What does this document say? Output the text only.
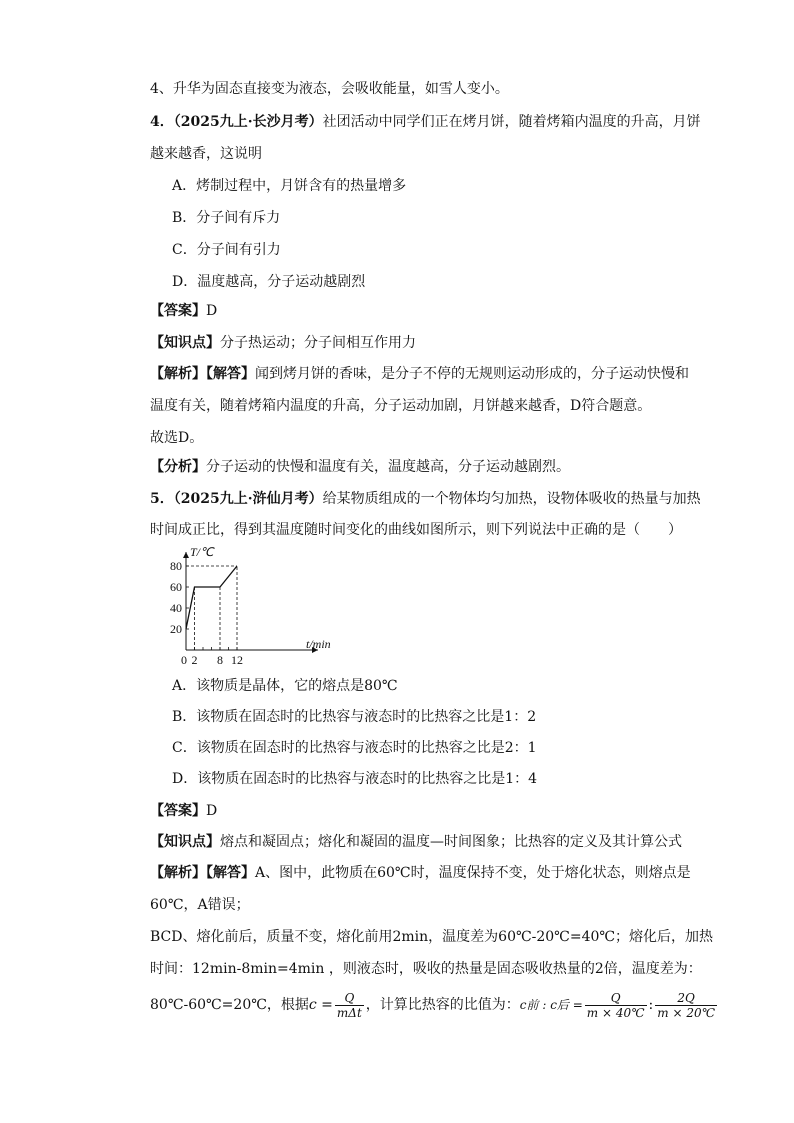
4、升华为固态直接变为液态，会吸收能量，如雪人变小。
4．（2025九上·长沙月考）社团活动中同学们正在烤月饼，随着烤箱内温度的升高，月饼
越来越香，这说明
A．烤制过程中，月饼含有的热量增多
B．分子间有斥力
C．分子间有引力
D．温度越高，分子运动越剧烈
【答案】D
【知识点】分子热运动；分子间相互作用力
【解析】【解答】闻到烤月饼的香味，是分子不停的无规则运动形成的，分子运动快慢和
温度有关，随着烤箱内温度的升高，分子运动加剧，月饼越来越香，D符合题意。
故选D。
【分析】分子运动的快慢和温度有关，温度越高，分子运动越剧烈。
5．（2025九上·浒仙月考）给某物质组成的一个物体均匀加热，设物体吸收的热量与加热
时间成正比，得到其温度随时间变化的曲线如图所示，则下列说法中正确的是（　　）
20
40
60
80
0 2 8 12
T/℃
t/min
A．该物质是晶体，它的熔点是80℃
B．该物质在固态时的比热容与液态时的比热容之比是1：2
C．该物质在固态时的比热容与液态时的比热容之比是2：1
D．该物质在固态时的比热容与液态时的比热容之比是1：4
【答案】D
【知识点】熔点和凝固点；熔化和凝固的温度—时间图象；比热容的定义及其计算公式
【解析】【解答】A、图中，此物质在60℃时，温度保持不变，处于熔化状态，则熔点是
60℃，A错误；
BCD、熔化前后，质量不变，熔化前用2min，温度差为60℃-20℃=40℃；熔化后，加热
时间：12min-8min=4min ，则液态时，吸收的热量是固态吸收热量的2倍，温度差为：
80℃-60℃=20℃，根据$c = \frac{Q}{\text{mΔt}}$ ，计算比热容的比值为：c前 : c后 = $\frac{Q}{m \times 40℃}$ : $\frac{2Q}{m \times 20℃}$
